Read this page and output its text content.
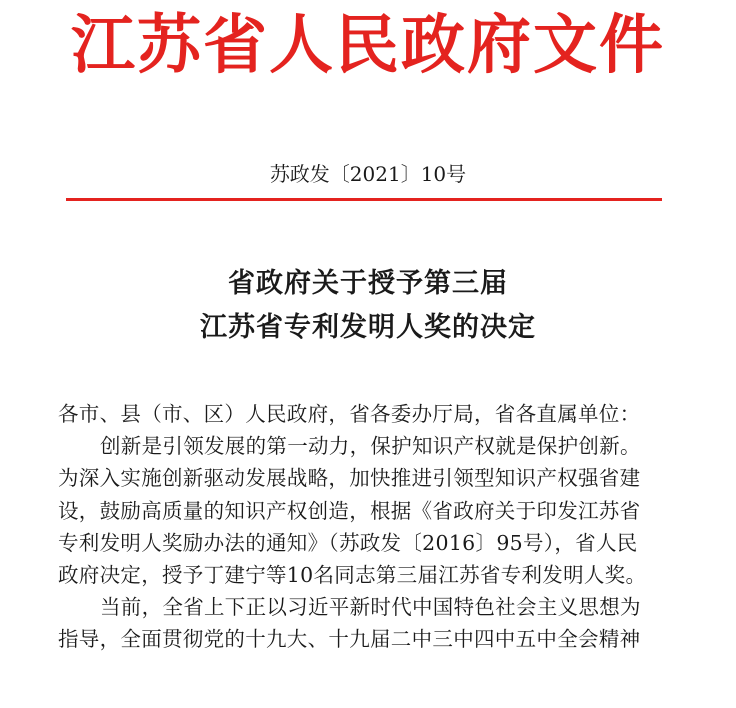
江苏省人民政府文件
苏政发〔2021〕10号
省政府关于授予第三届
江苏省专利发明人奖的决定
各市、县（市、区）人民政府，省各委办厅局，省各直属单位：
创新是引领发展的第一动力，保护知识产权就是保护创新。
为深入实施创新驱动发展战略，加快推进引领型知识产权强省建
设，鼓励高质量的知识产权创造，根据《省政府关于印发江苏省
专利发明人奖励办法的通知》（苏政发〔2016〕95号），省人民
政府决定，授予丁建宁等10名同志第三届江苏省专利发明人奖。
当前，全省上下正以习近平新时代中国特色社会主义思想为
指导，全面贯彻党的十九大、十九届二中三中四中五中全会精神
